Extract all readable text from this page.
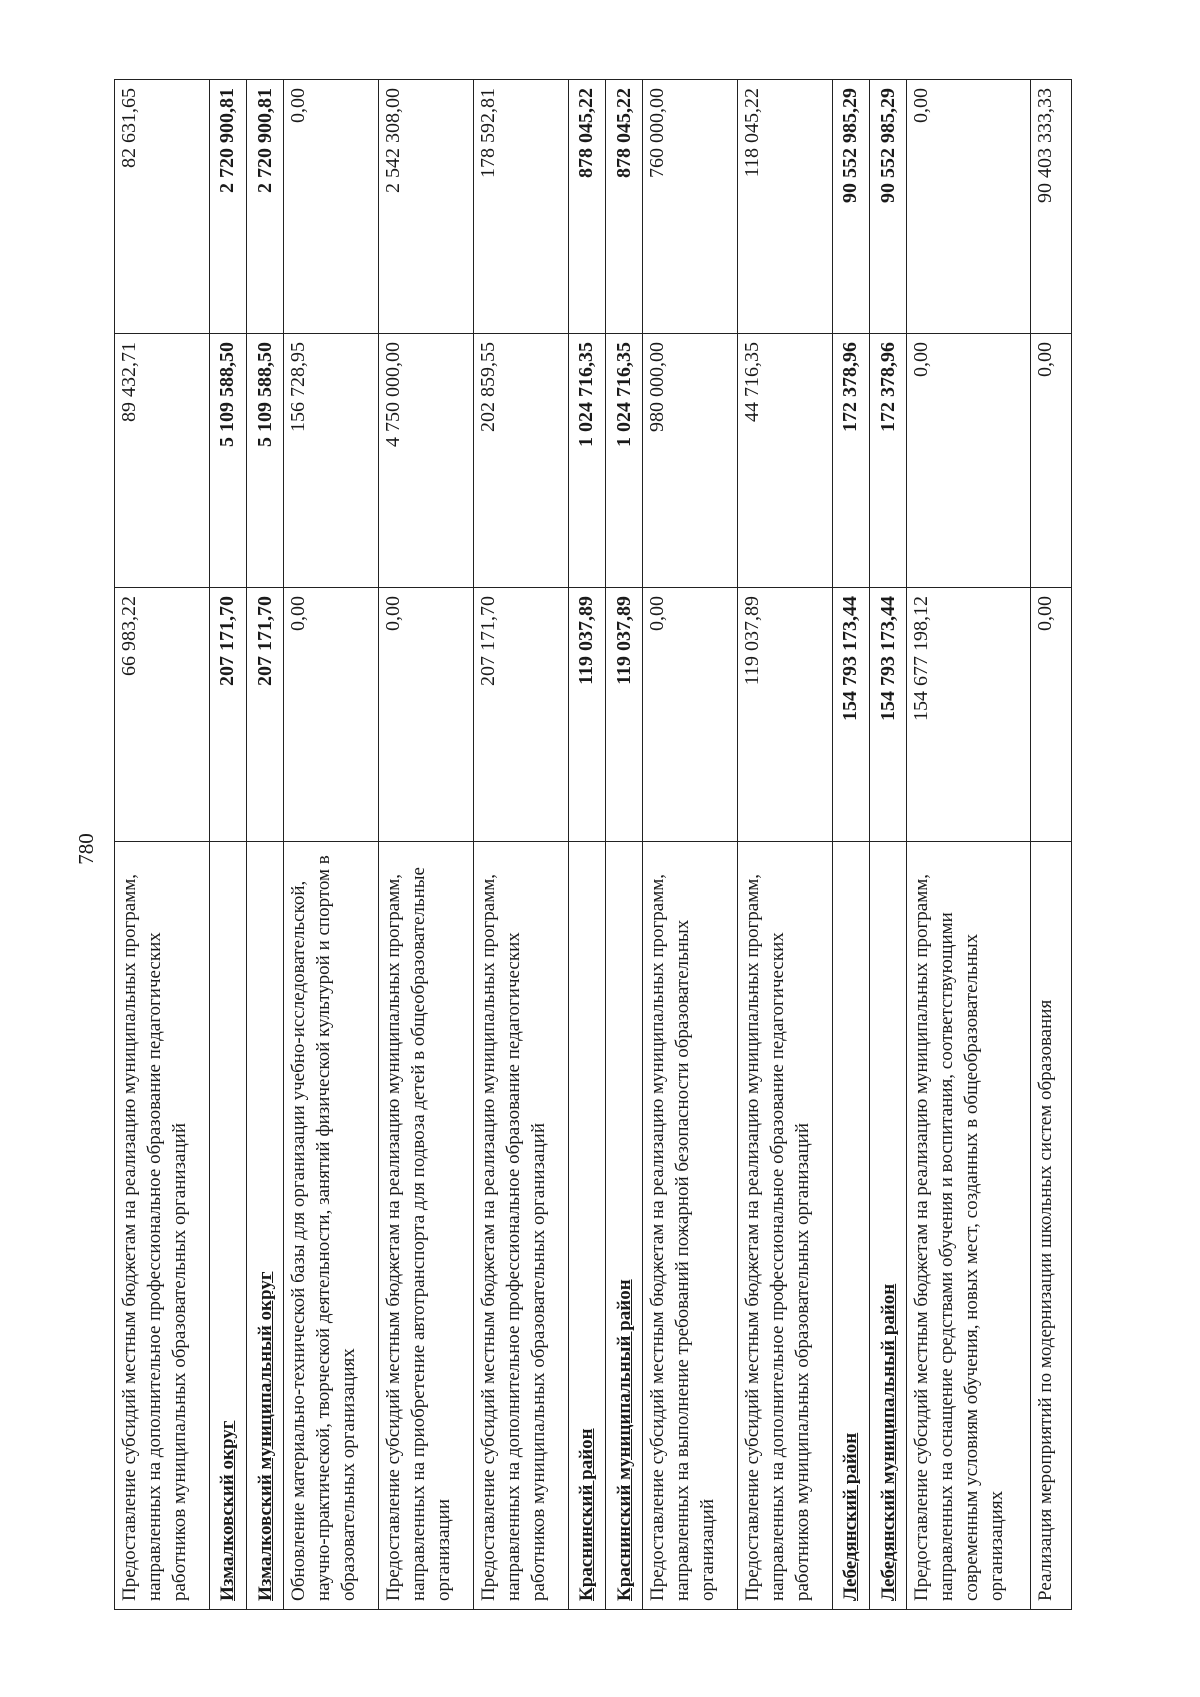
780
Предоставление субсидий местным бюджетам на реализацию муниципальных программ, направленных на дополнительное профессиональное образование педагогических работников муниципальных образовательных организаций	66 983,22	89 432,71	82 631,65
Измалковский округ	207 171,70	5 109 588,50	2 720 900,81
Измалковский муниципальный округ	207 171,70	5 109 588,50	2 720 900,81
Обновление материально-технической базы для организации учебно-исследовательской, научно-практической, творческой деятельности, занятий физической культурой и спортом в образовательных организациях	0,00	156 728,95	0,00
Предоставление субсидий местным бюджетам на реализацию муниципальных программ, направленных на приобретение автотранспорта для подвоза детей в общеобразовательные организации	0,00	4 750 000,00	2 542 308,00
Предоставление субсидий местным бюджетам на реализацию муниципальных программ, направленных на дополнительное профессиональное образование педагогических работников муниципальных образовательных организаций	207 171,70	202 859,55	178 592,81
Краснинский район	119 037,89	1 024 716,35	878 045,22
Краснинский муниципальный район	119 037,89	1 024 716,35	878 045,22
Предоставление субсидий местным бюджетам на реализацию муниципальных программ, направленных на выполнение требований пожарной безопасности образовательных организаций	0,00	980 000,00	760 000,00
Предоставление субсидий местным бюджетам на реализацию муниципальных программ, направленных на дополнительное профессиональное образование педагогических работников муниципальных образовательных организаций	119 037,89	44 716,35	118 045,22
Лебедянский район	154 793 173,44	172 378,96	90 552 985,29
Лебедянский муниципальный район	154 793 173,44	172 378,96	90 552 985,29
Предоставление субсидий местным бюджетам на реализацию муниципальных программ, направленных на оснащение средствами обучения и воспитания, соответствующими современным условиям обучения, новых мест, созданных в общеобразовательных организациях	154 677 198,12	0,00	0,00
Реализация мероприятий по модернизации школьных систем образования	0,00	0,00	90 403 333,33
